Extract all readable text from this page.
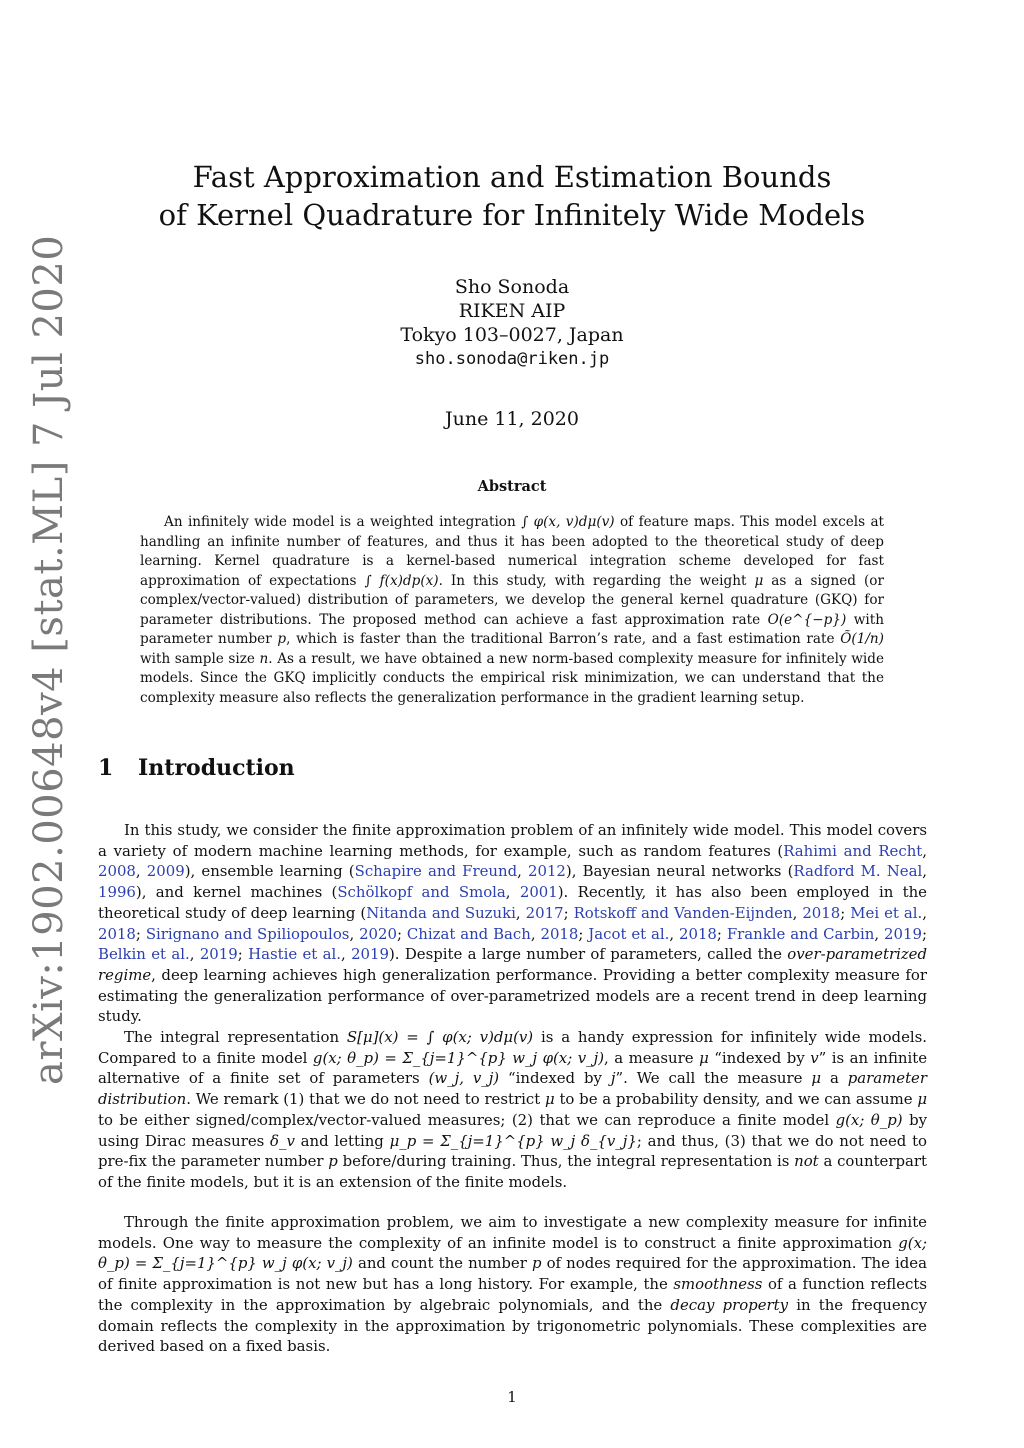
arXiv:1902.00648v4 [stat.ML] 7 Jul 2020
Fast Approximation and Estimation Bounds
of Kernel Quadrature for Infinitely Wide Models
Sho Sonoda
RIKEN AIP
Tokyo 103–0027, Japan
sho.sonoda@riken.jp
June 11, 2020
Abstract
An infinitely wide model is a weighted integration ∫ φ(x, v)dμ(v) of feature maps. This model excels at handling an infinite number of features, and thus it has been adopted to the theoretical study of deep learning. Kernel quadrature is a kernel-based numerical integration scheme developed for fast approximation of expectations ∫ f(x)dp(x). In this study, with regarding the weight μ as a signed (or complex/vector-valued) distribution of parameters, we develop the general kernel quadrature (GKQ) for parameter distributions. The proposed method can achieve a fast approximation rate O(e^{−p}) with parameter number p, which is faster than the traditional Barron’s rate, and a fast estimation rate Õ(1/n) with sample size n. As a result, we have obtained a new norm-based complexity measure for infinitely wide models. Since the GKQ implicitly conducts the empirical risk minimization, we can understand that the complexity measure also reflects the generalization performance in the gradient learning setup.
1 Introduction
In this study, we consider the finite approximation problem of an infinitely wide model. This model covers a variety of modern machine learning methods, for example, such as random features (Rahimi and Recht, 2008, 2009), ensemble learning (Schapire and Freund, 2012), Bayesian neural networks (Radford M. Neal, 1996), and kernel machines (Schölkopf and Smola, 2001). Recently, it has also been employed in the theoretical study of deep learning (Nitanda and Suzuki, 2017; Rotskoff and Vanden-Eijnden, 2018; Mei et al., 2018; Sirignano and Spiliopoulos, 2020; Chizat and Bach, 2018; Jacot et al., 2018; Frankle and Carbin, 2019; Belkin et al., 2019; Hastie et al., 2019). Despite a large number of parameters, called the over-parametrized regime, deep learning achieves high generalization performance. Providing a better complexity measure for estimating the generalization performance of over-parametrized models are a recent trend in deep learning study.
The integral representation S[μ](x) = ∫ φ(x; v)dμ(v) is a handy expression for infinitely wide models. Compared to a finite model g(x; θ_p) = Σ_{j=1}^{p} w_j φ(x; v_j), a measure μ “indexed by v” is an infinite alternative of a finite set of parameters (w_j, v_j) “indexed by j”. We call the measure μ a parameter distribution. We remark (1) that we do not need to restrict μ to be a probability density, and we can assume μ to be either signed/complex/vector-valued measures; (2) that we can reproduce a finite model g(x; θ_p) by using Dirac measures δ_v and letting μ_p = Σ_{j=1}^{p} w_j δ_{v_j}; and thus, (3) that we do not need to pre-fix the parameter number p before/during training. Thus, the integral representation is not a counterpart of the finite models, but it is an extension of the finite models.
Through the finite approximation problem, we aim to investigate a new complexity measure for infinite models. One way to measure the complexity of an infinite model is to construct a finite approximation g(x; θ_p) = Σ_{j=1}^{p} w_j φ(x; v_j) and count the number p of nodes required for the approximation. The idea of finite approximation is not new but has a long history. For example, the smoothness of a function reflects the complexity in the approximation by algebraic polynomials, and the decay property in the frequency domain reflects the complexity in the approximation by trigonometric polynomials. These complexities are derived based on a fixed basis.
1
